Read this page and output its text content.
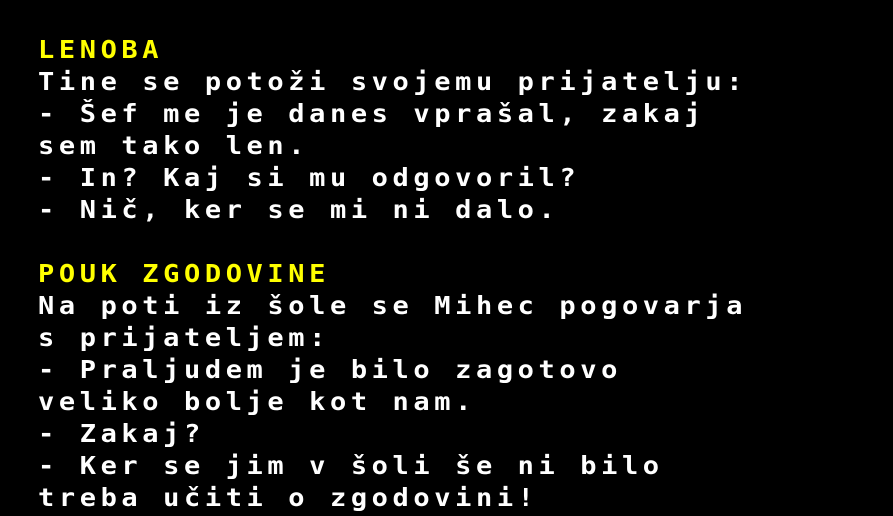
LENOBA
Tine se potoži svojemu prijatelju:
- Šef me je danes vprašal, zakaj
sem tako len.
- In? Kaj si mu odgovoril?
- Nič, ker se mi ni dalo.
POUK ZGODOVINE
Na poti iz šole se Mihec pogovarja
s prijateljem:
- Praljudem je bilo zagotovo
veliko bolje kot nam.
- Zakaj?
- Ker se jim v šoli še ni bilo
treba učiti o zgodovini!
